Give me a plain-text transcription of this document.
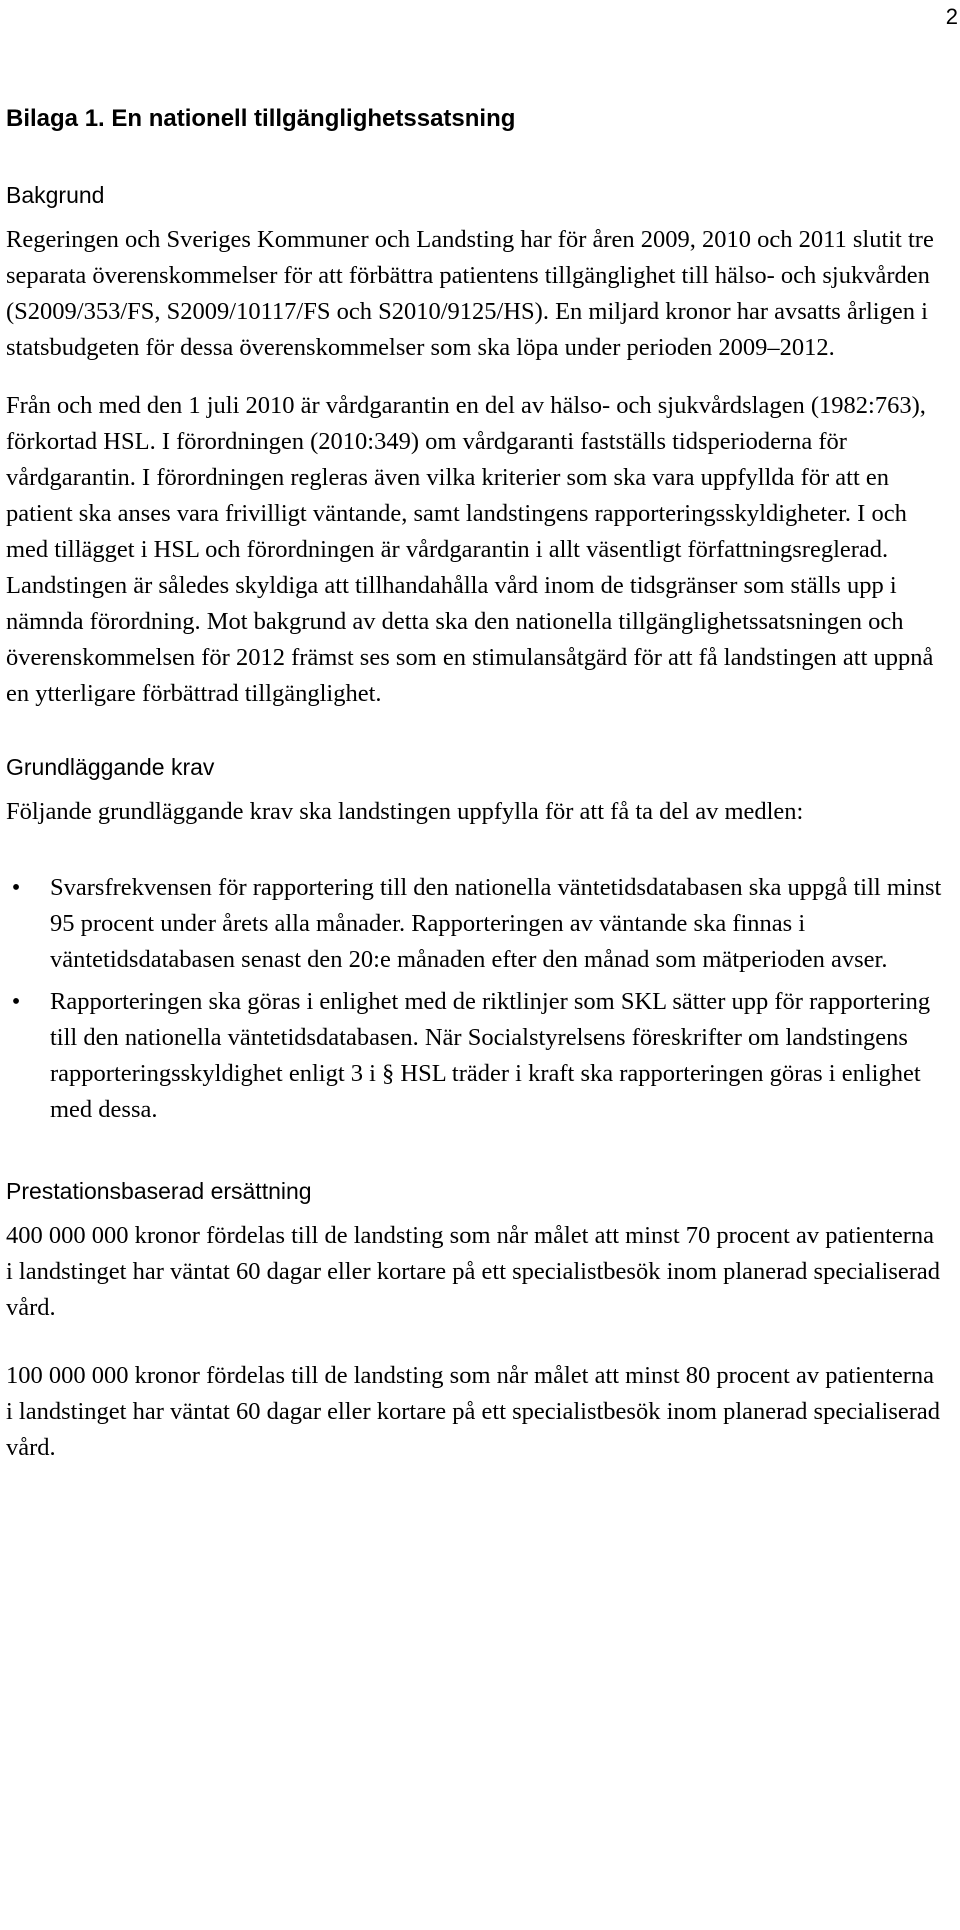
2
Bilaga 1. En nationell tillgänglighetssatsning
Bakgrund

Regeringen och Sveriges Kommuner och Landsting har för åren 2009, 2010 och 2011 slutit tre separata överenskommelser för att förbättra patientens tillgänglighet till hälso- och sjukvården (S2009/353/FS, S2009/10117/FS och S2010/9125/HS). En miljard kronor har avsatts årligen i statsbudgeten för dessa överenskommelser som ska löpa under perioden 2009–2012.

Från och med den 1 juli 2010 är vårdgarantin en del av hälso- och sjukvårdslagen (1982:763), förkortad HSL. I förordningen (2010:349) om vårdgaranti fastställs tidsperioderna för vårdgarantin. I förordningen regleras även vilka kriterier som ska vara uppfyllda för att en patient ska anses vara frivilligt väntande, samt landstingens rapporteringsskyldigheter. I och med tillägget i HSL och förordningen är vårdgarantin i allt väsentligt författningsreglerad. Landstingen är således skyldiga att tillhandahålla vård inom de tidsgränser som ställs upp i nämnda förordning. Mot bakgrund av detta ska den nationella tillgänglighetssatsningen och överenskommelsen för 2012 främst ses som en stimulansåtgärd för att få landstingen att uppnå en ytterligare förbättrad tillgänglighet.

Grundläggande krav

Följande grundläggande krav ska landstingen uppfylla för att få ta del av medlen:

• Svarsfrekvensen för rapportering till den nationella väntetidsdatabasen ska uppgå till minst 95 procent under årets alla månader. Rapporteringen av väntande ska finnas i väntetidsdatabasen senast den 20:e månaden efter den månad som mätperioden avser.
• Rapporteringen ska göras i enlighet med de riktlinjer som SKL sätter upp för rapportering till den nationella väntetidsdatabasen. När Socialstyrelsens föreskrifter om landstingens rapporteringsskyldighet enligt 3 i § HSL träder i kraft ska rapporteringen göras i enlighet med dessa.
Prestationsbaserad ersättning

400 000 000 kronor fördelas till de landsting som når målet att minst 70 procent av patienterna i landstinget har väntat 60 dagar eller kortare på ett specialistbesök inom planerad specialiserad vård.

100 000 000 kronor fördelas till de landsting som når målet att minst 80 procent av patienterna i landstinget har väntat 60 dagar eller kortare på ett specialistbesök inom planerad specialiserad vård.
